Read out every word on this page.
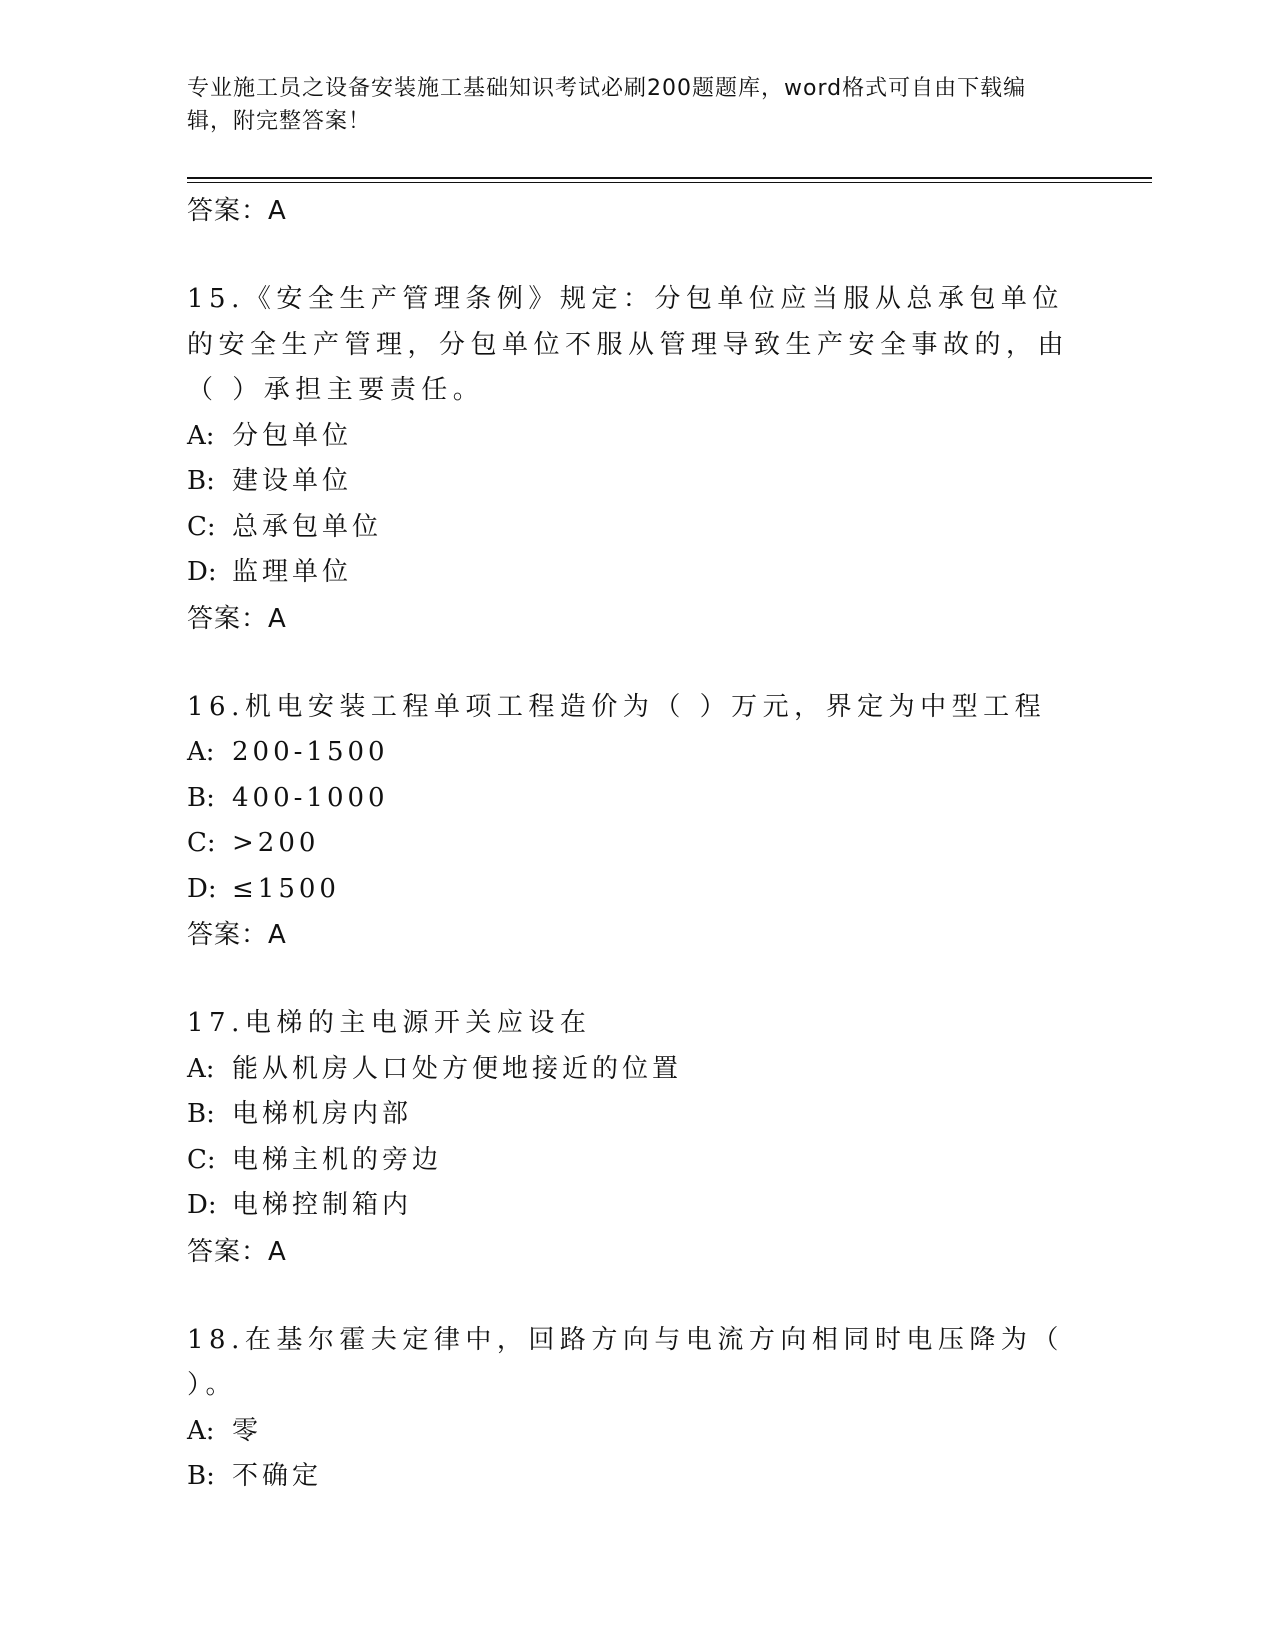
专业施工员之设备安装施工基础知识考试必刷200题题库，word格式可自由下载编辑，附完整答案！

答案：A

15.《安全生产管理条例》规定：分包单位应当服从总承包单位的安全生产管理，分包单位不服从管理导致生产安全事故的，由（ ）承担主要责任。

A: 分包单位

B: 建设单位

C: 总承包单位

D: 监理单位

答案：A

16.机电安装工程单项工程造价为（ ）万元，界定为中型工程

A: 200-1500

B: 400-1000

C: >200

D: ≤1500

答案：A

17.电梯的主电源开关应设在

A: 能从机房人口处方便地接近的位置

B: 电梯机房内部

C: 电梯主机的旁边

D: 电梯控制箱内

答案：A

18.在基尔霍夫定律中，回路方向与电流方向相同时电压降为（ ）。

A: 零

B: 不确定
